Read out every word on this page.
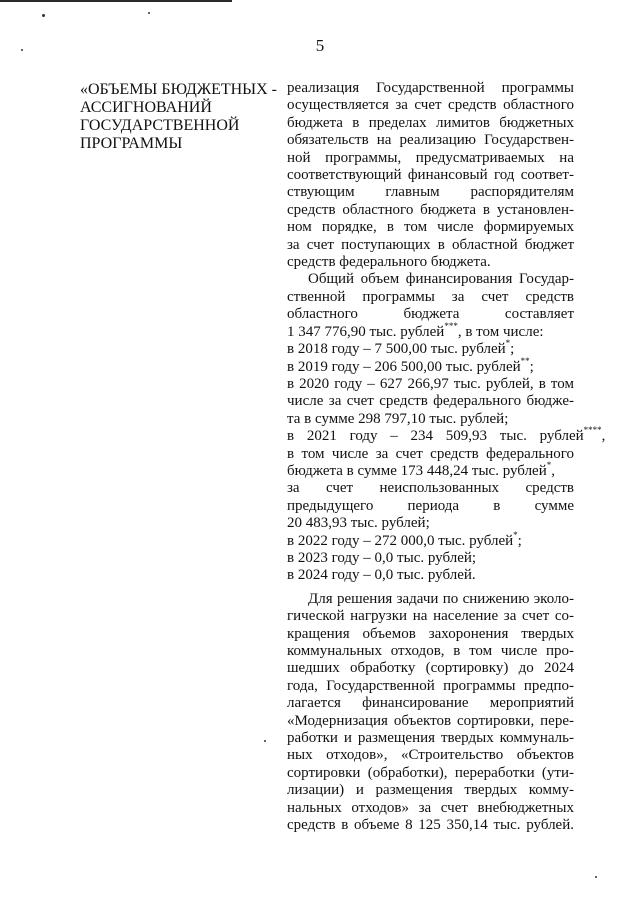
5
«ОБЪЕМЫ БЮДЖЕТНЫХ -
АССИГНОВАНИЙ
ГОСУДАРСТВЕННОЙ
ПРОГРАММЫ
реализация Государственной программы
осуществляется за счет средств областного
бюджета в пределах лимитов бюджетных
обязательств на реализацию Государствен-
ной программы, предусматриваемых на
соответствующий финансовый год соответ-
ствующим главным распорядителям
средств областного бюджета в установлен-
ном порядке, в том числе формируемых
за счет поступающих в областной бюджет
средств федерального бюджета.
Общий объем финансирования Государ-
ственной программы за счет средств
областного бюджета составляет
1 347 776,90 тыс. рублей***, в том числе:
в 2018 году – 7 500,00 тыс. рублей*;
в 2019 году – 206 500,00 тыс. рублей**;
в 2020 году – 627 266,97 тыс. рублей, в том
числе за счет средств федерального бюдже-
та в сумме 298 797,10 тыс. рублей;
в 2021 году – 234 509,93 тыс. рублей****,
в том числе за счет средств федерального
бюджета в сумме 173 448,24 тыс. рублей*,
за счет неиспользованных средств
предыдущего периода в сумме
20 483,93 тыс. рублей;
в 2022 году – 272 000,0 тыс. рублей*;
в 2023 году – 0,0 тыс. рублей;
в 2024 году – 0,0 тыс. рублей.
Для решения задачи по снижению эколо-
гической нагрузки на население за счет со-
кращения объемов захоронения твердых
коммунальных отходов, в том числе про-
шедших обработку (сортировку) до 2024
года, Государственной программы предпо-
лагается финансирование мероприятий
«Модернизация объектов сортировки, пере-
работки и размещения твердых коммуналь-
ных отходов», «Строительство объектов
сортировки (обработки), переработки (ути-
лизации) и размещения твердых комму-
нальных отходов» за счет внебюджетных
средств в объеме 8 125 350,14 тыс. рублей.
